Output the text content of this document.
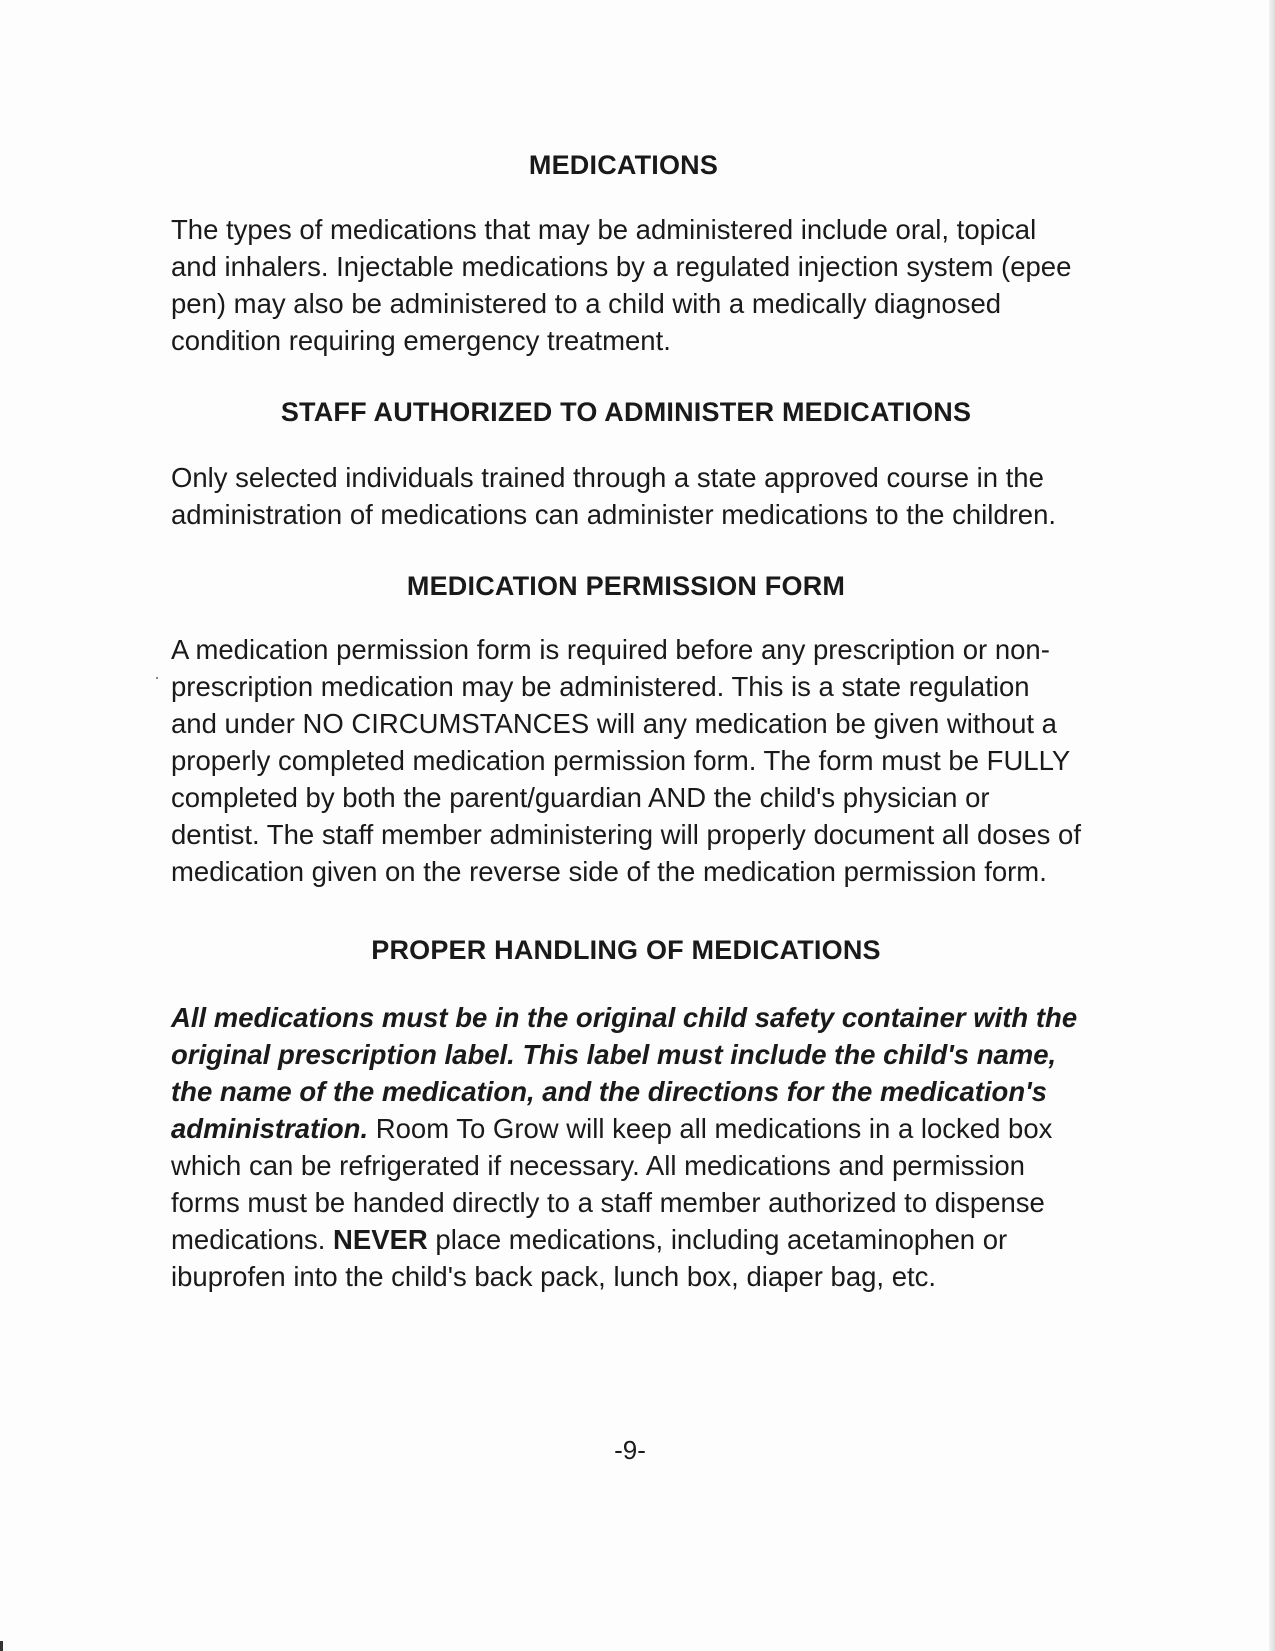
MEDICATIONS

The types of medications that may be administered include oral, topical and inhalers. Injectable medications by a regulated injection system (epee pen) may also be administered to a child with a medically diagnosed condition requiring emergency treatment.

STAFF AUTHORIZED TO ADMINISTER MEDICATIONS

Only selected individuals trained through a state approved course in the administration of medications can administer medications to the children.

MEDICATION PERMISSION FORM

A medication permission form is required before any prescription or non-prescription medication may be administered. This is a state regulation and under NO CIRCUMSTANCES will any medication be given without a properly completed medication permission form. The form must be FULLY completed by both the parent/guardian AND the child's physician or dentist. The staff member administering will properly document all doses of medication given on the reverse side of the medication permission form.

PROPER HANDLING OF MEDICATIONS

All medications must be in the original child safety container with the original prescription label. This label must include the child's name, the name of the medication, and the directions for the medication's administration. Room To Grow will keep all medications in a locked box which can be refrigerated if necessary. All medications and permission forms must be handed directly to a staff member authorized to dispense medications. NEVER place medications, including acetaminophen or ibuprofen into the child's back pack, lunch box, diaper bag, etc.

-9-
